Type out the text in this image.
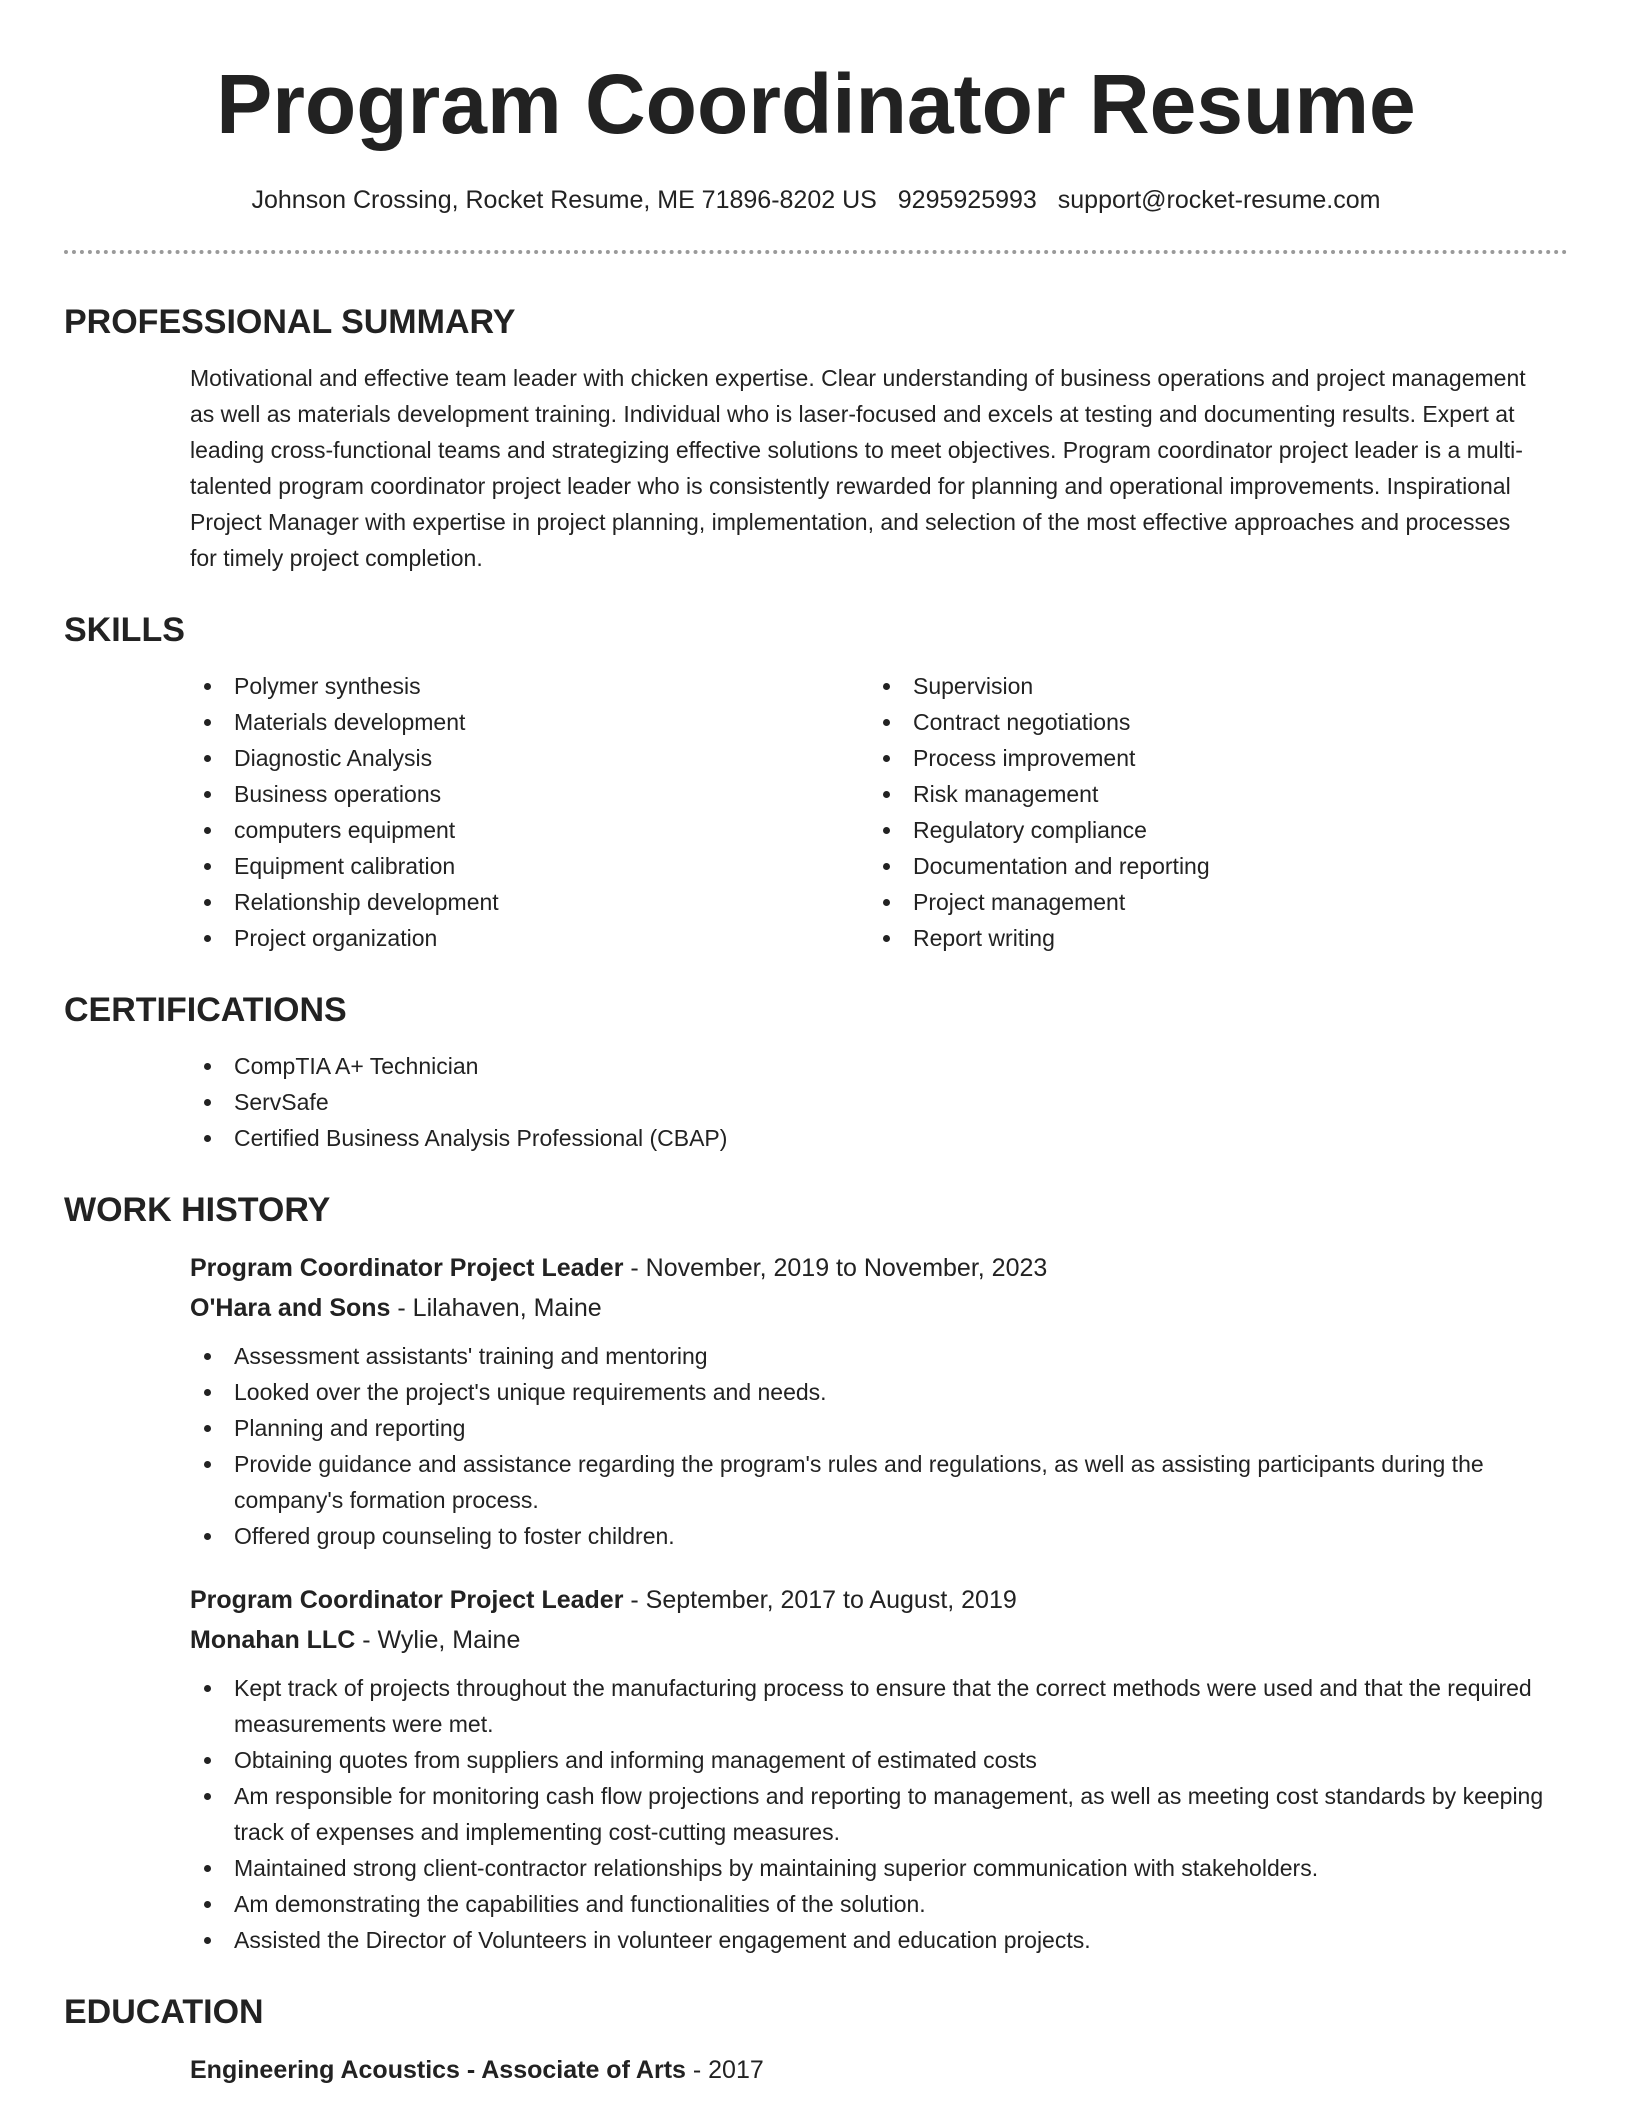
Program Coordinator Resume
Johnson Crossing, Rocket Resume, ME 71896-8202 US 9295925993 support@rocket-resume.com
PROFESSIONAL SUMMARY

Motivational and effective team leader with chicken expertise. Clear understanding of business operations and project management as well as materials development training. Individual who is laser-focused and excels at testing and documenting results. Expert at leading cross-functional teams and strategizing effective solutions to meet objectives. Program coordinator project leader is a multi-talented program coordinator project leader who is consistently rewarded for planning and operational improvements. Inspirational Project Manager with expertise in project planning, implementation, and selection of the most effective approaches and processes for timely project completion.

SKILLS
Polymer synthesis
Materials development
Diagnostic Analysis
Business operations
computers equipment
Equipment calibration
Relationship development
Project organization
Supervision
Contract negotiations
Process improvement
Risk management
Regulatory compliance
Documentation and reporting
Project management
Report writing
CERTIFICATIONS
CompTIA A+ Technician
ServSafe
Certified Business Analysis Professional (CBAP)
WORK HISTORY
Program Coordinator Project Leader - November, 2019 to November, 2023
O'Hara and Sons - Lilahaven, Maine
Assessment assistants' training and mentoring
Looked over the project's unique requirements and needs.
Planning and reporting
Provide guidance and assistance regarding the program's rules and regulations, as well as assisting participants during the company's formation process.
Offered group counseling to foster children.
Program Coordinator Project Leader - September, 2017 to August, 2019
Monahan LLC - Wylie, Maine
Kept track of projects throughout the manufacturing process to ensure that the correct methods were used and that the required measurements were met.
Obtaining quotes from suppliers and informing management of estimated costs
Am responsible for monitoring cash flow projections and reporting to management, as well as meeting cost standards by keeping track of expenses and implementing cost-cutting measures.
Maintained strong client-contractor relationships by maintaining superior communication with stakeholders.
Am demonstrating the capabilities and functionalities of the solution.
Assisted the Director of Volunteers in volunteer engagement and education projects.
EDUCATION
Engineering Acoustics - Associate of Arts - 2017
